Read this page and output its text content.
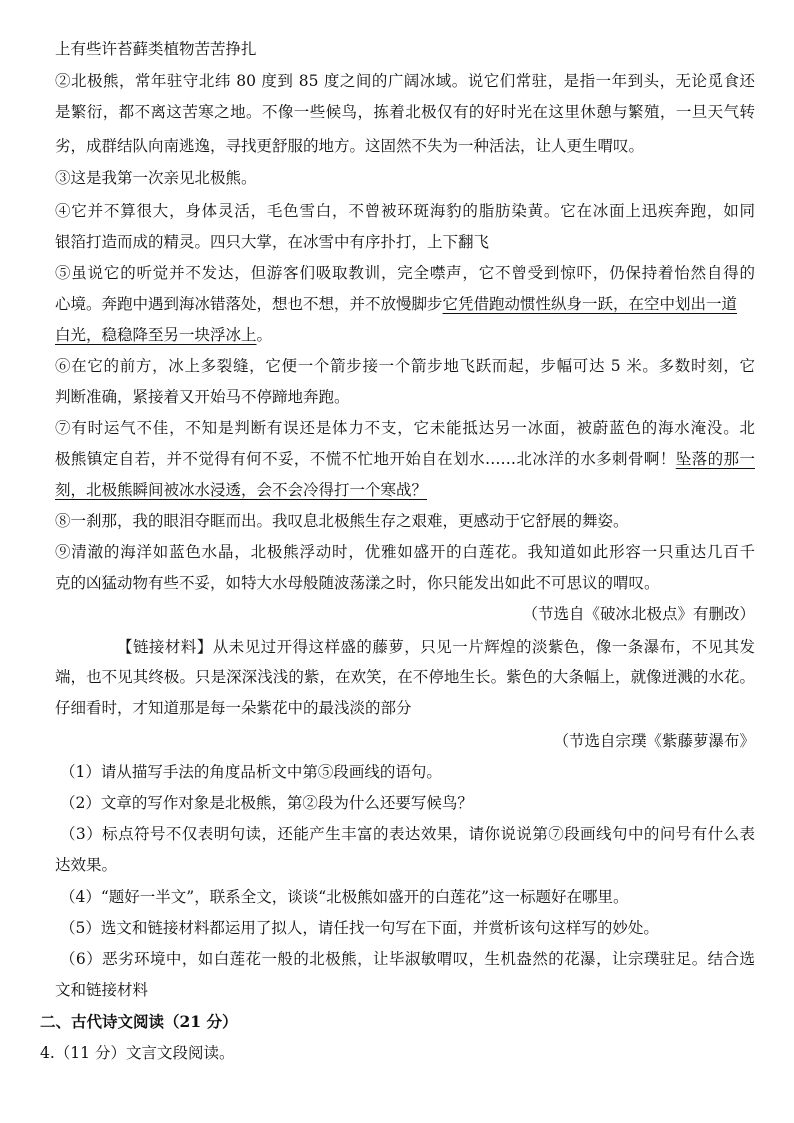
上有些许苔藓类植物苦苦挣扎
②北极熊，常年驻守北纬 80 度到 85 度之间的广阔冰域。说它们常驻，是指一年到头，无论觅食还
是繁衍，都不离这苦寒之地。不像一些候鸟，拣着北极仅有的好时光在这里休憩与繁殖，一旦天气转
劣，成群结队向南逃逸，寻找更舒服的地方。这固然不失为一种活法，让人更生喟叹。
③这是我第一次亲见北极熊。
④它并不算很大，身体灵活，毛色雪白，不曾被环斑海豹的脂肪染黄。它在冰面上迅疾奔跑，如同
银箔打造而成的精灵。四只大掌，在冰雪中有序扑打，上下翻飞
⑤虽说它的听觉并不发达，但游客们吸取教训，完全噤声，它不曾受到惊吓，仍保持着怡然自得的
心境。奔跑中遇到海冰错落处，想也不想，并不放慢脚步它凭借跑动惯性纵身一跃，在空中划出一道
白光，稳稳降至另一块浮冰上。
⑥在它的前方，冰上多裂缝，它便一个箭步接一个箭步地飞跃而起，步幅可达 5 米。多数时刻，它
判断准确，紧接着又开始马不停蹄地奔跑。
⑦有时运气不佳，不知是判断有误还是体力不支，它未能抵达另一冰面，被蔚蓝色的海水淹没。北
极熊镇定自若，并不觉得有何不妥，不慌不忙地开始自在划水……北冰洋的水多刺骨啊！坠落的那一
刻，北极熊瞬间被冰水浸透，会不会冷得打一个寒战？
⑧一刹那，我的眼泪夺眶而出。我叹息北极熊生存之艰难，更感动于它舒展的舞姿。
⑨清澈的海洋如蓝色水晶，北极熊浮动时，优雅如盛开的白莲花。我知道如此形容一只重达几百千
克的凶猛动物有些不妥，如特大水母般随波荡漾之时，你只能发出如此不可思议的喟叹。
（节选自《破冰北极点》有删改）
【链接材料】从未见过开得这样盛的藤萝，只见一片辉煌的淡紫色，像一条瀑布，不见其发
端，也不见其终极。只是深深浅浅的紫，在欢笑，在不停地生长。紫色的大条幅上，就像迸溅的水花。
仔细看时，才知道那是每一朵紫花中的最浅淡的部分
（节选自宗璞《紫藤萝瀑布》
（1）请从描写手法的角度品析文中第⑤段画线的语句。
（2）文章的写作对象是北极熊，第②段为什么还要写候鸟？
（3）标点符号不仅表明句读，还能产生丰富的表达效果，请你说说第⑦段画线句中的问号有什么表
达效果。
（4）“题好一半文”，联系全文，谈谈“北极熊如盛开的白莲花”这一标题好在哪里。
（5）选文和链接材料都运用了拟人，请任找一句写在下面，并赏析该句这样写的妙处。
（6）恶劣环境中，如白莲花一般的北极熊，让毕淑敏喟叹，生机盎然的花瀑，让宗璞驻足。结合选
文和链接材料
二、古代诗文阅读（21 分）
4.（11 分）文言文段阅读。
